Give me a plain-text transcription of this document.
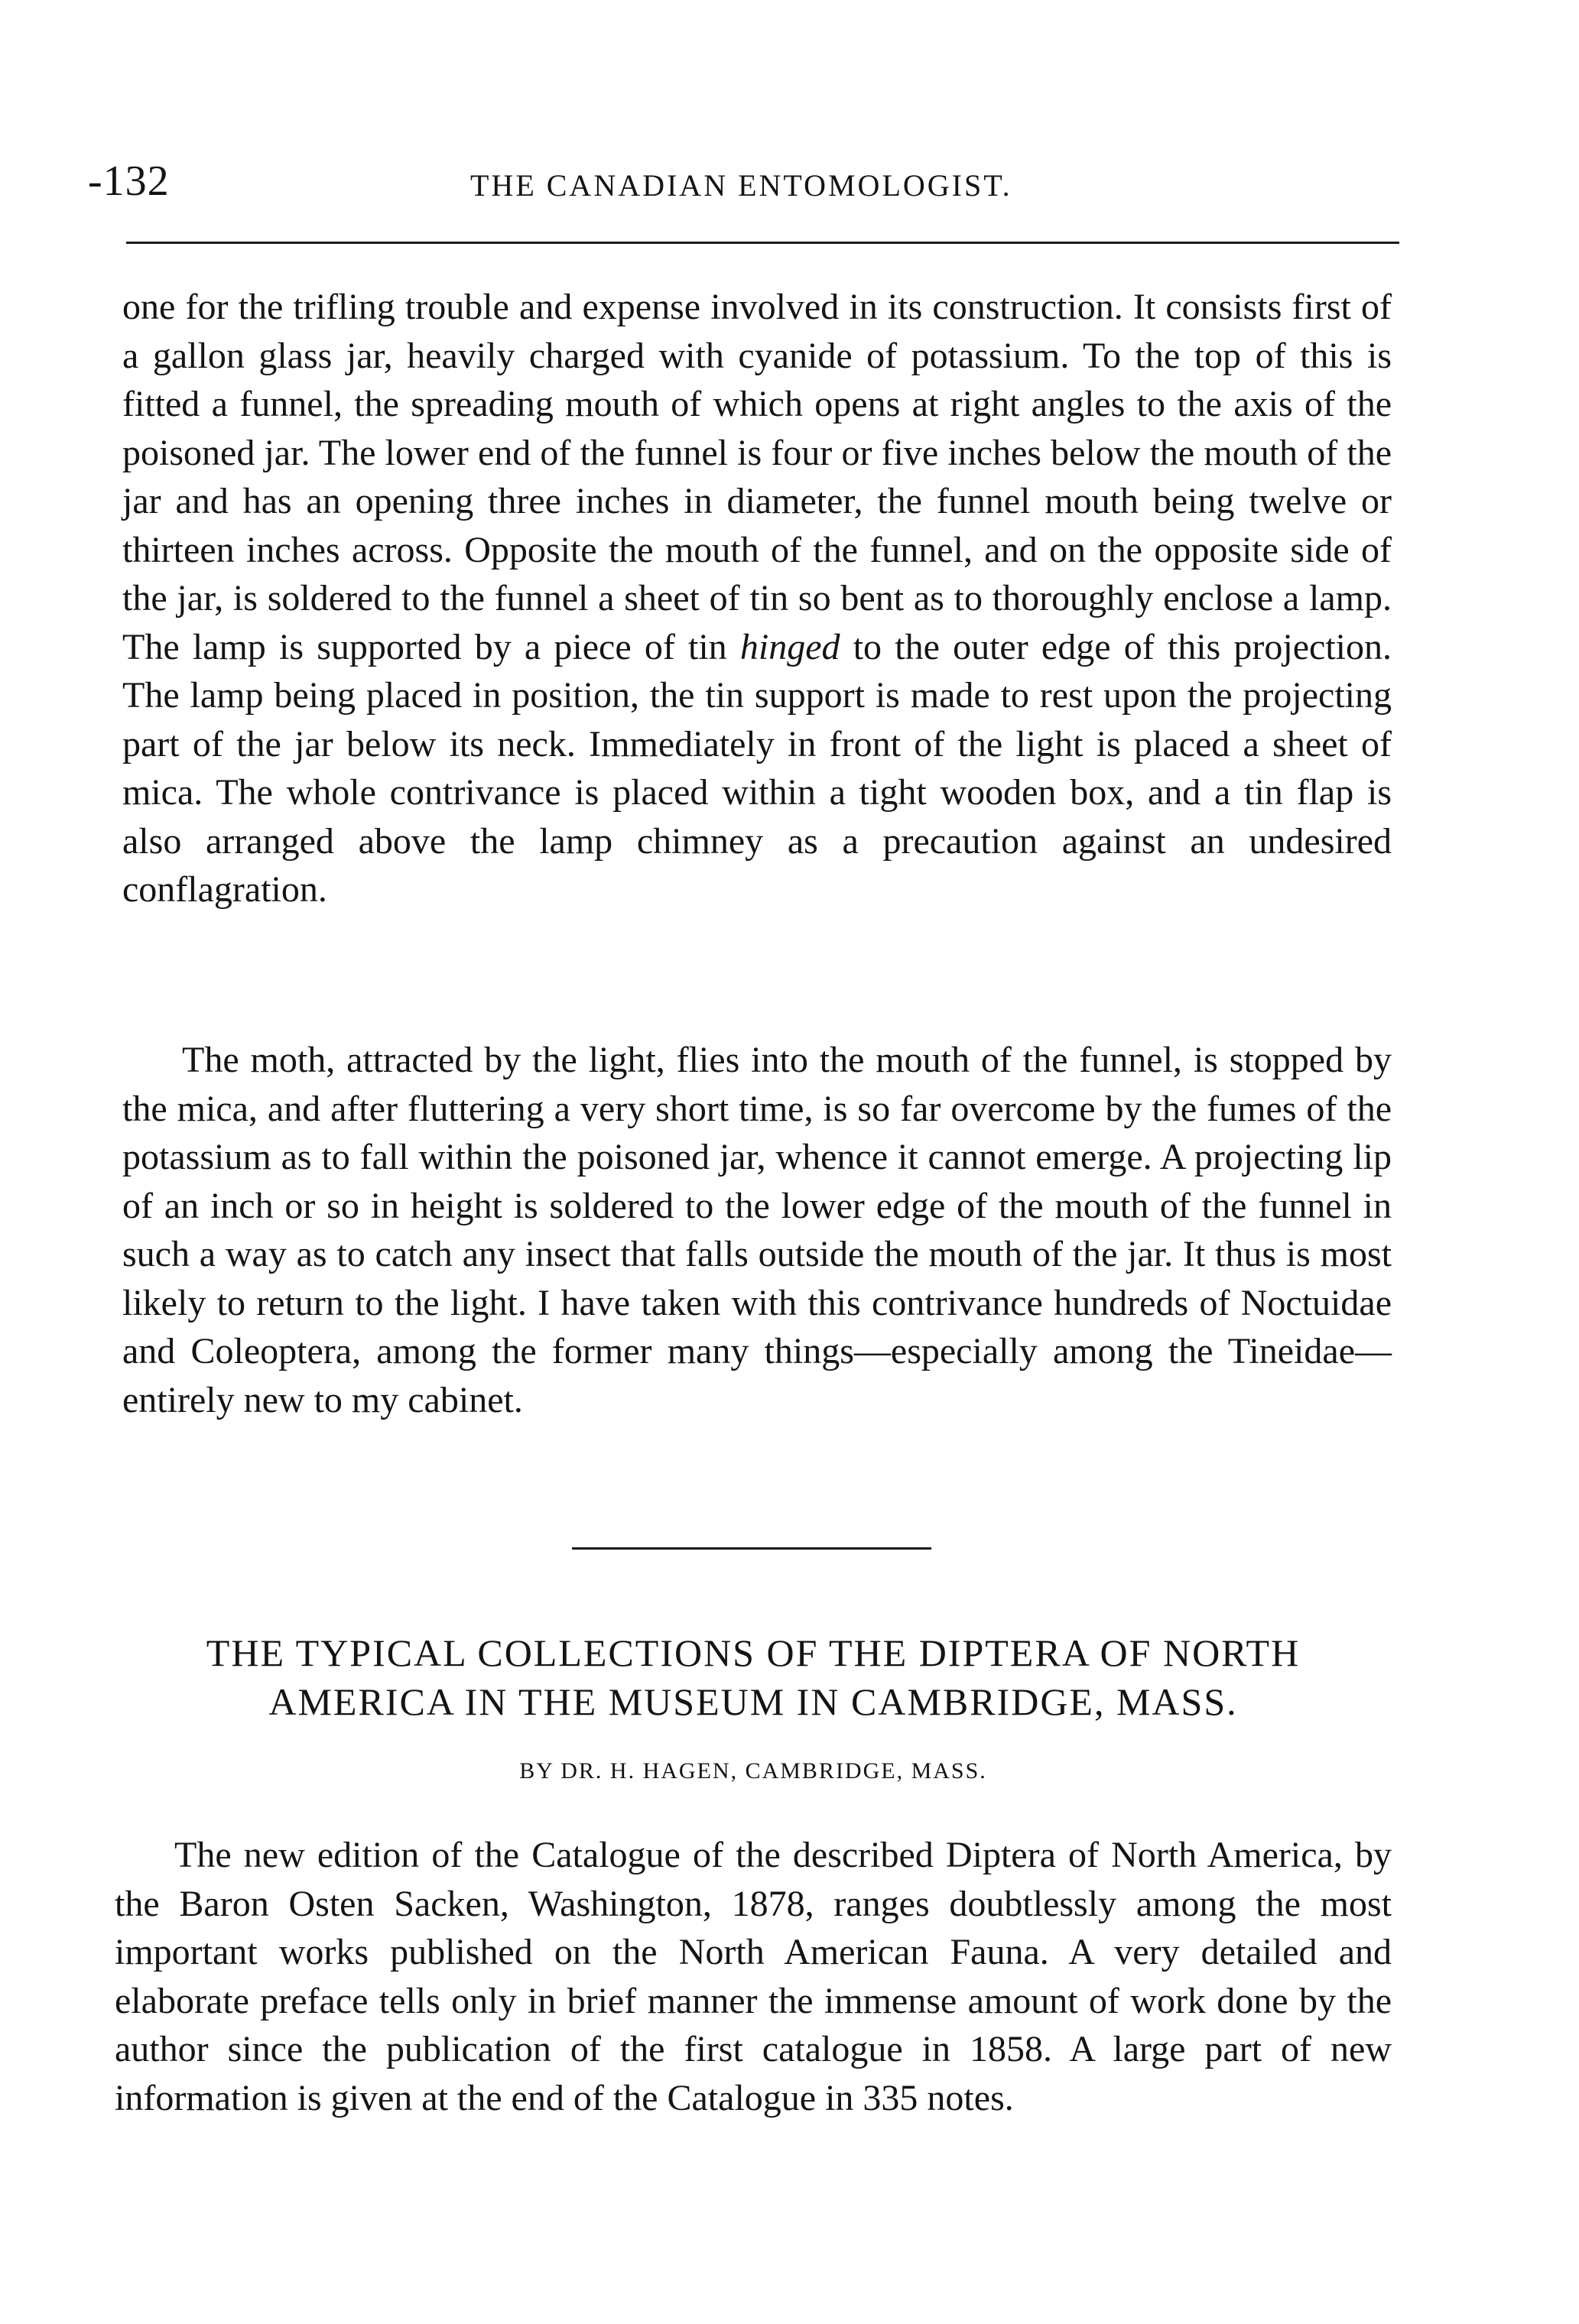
-132	THE CANADIAN ENTOMOLOGIST.

one for the trifling trouble and expense involved in its construction. It consists first of a gallon glass jar, heavily charged with cyanide of potassium. To the top of this is fitted a funnel, the spreading mouth of which opens at right angles to the axis of the poisoned jar. The lower end of the funnel is four or five inches below the mouth of the jar and has an opening three inches in diameter, the funnel mouth being twelve or thirteen inches across. Opposite the mouth of the funnel, and on the opposite side of the jar, is soldered to the funnel a sheet of tin so bent as to thoroughly enclose a lamp. The lamp is supported by a piece of tin hinged to the outer edge of this projection. The lamp being placed in position, the tin support is made to rest upon the projecting part of the jar below its neck. Immediately in front of the light is placed a sheet of mica. The whole contrivance is placed within a tight wooden box, and a tin flap is also arranged above the lamp chimney as a precaution against an undesired conflagration.

The moth, attracted by the light, flies into the mouth of the funnel, is stopped by the mica, and after fluttering a very short time, is so far overcome by the fumes of the potassium as to fall within the poisoned jar, whence it cannot emerge. A projecting lip of an inch or so in height is soldered to the lower edge of the mouth of the funnel in such a way as to catch any insect that falls outside the mouth of the jar. It thus is most likely to return to the light. I have taken with this contrivance hundreds of Noctuidae and Coleoptera, among the former many things—especially among the Tineidae—entirely new to my cabinet.

THE TYPICAL COLLECTIONS OF THE DIPTERA OF NORTH
AMERICA IN THE MUSEUM IN CAMBRIDGE, MASS.
BY DR. H. HAGEN, CAMBRIDGE, MASS.

The new edition of the Catalogue of the described Diptera of North America, by the Baron Osten Sacken, Washington, 1878, ranges doubtlessly among the most important works published on the North American Fauna. A very detailed and elaborate preface tells only in brief manner the immense amount of work done by the author since the publication of the first catalogue in 1858. A large part of new information is given at the end of the Catalogue in 335 notes.
